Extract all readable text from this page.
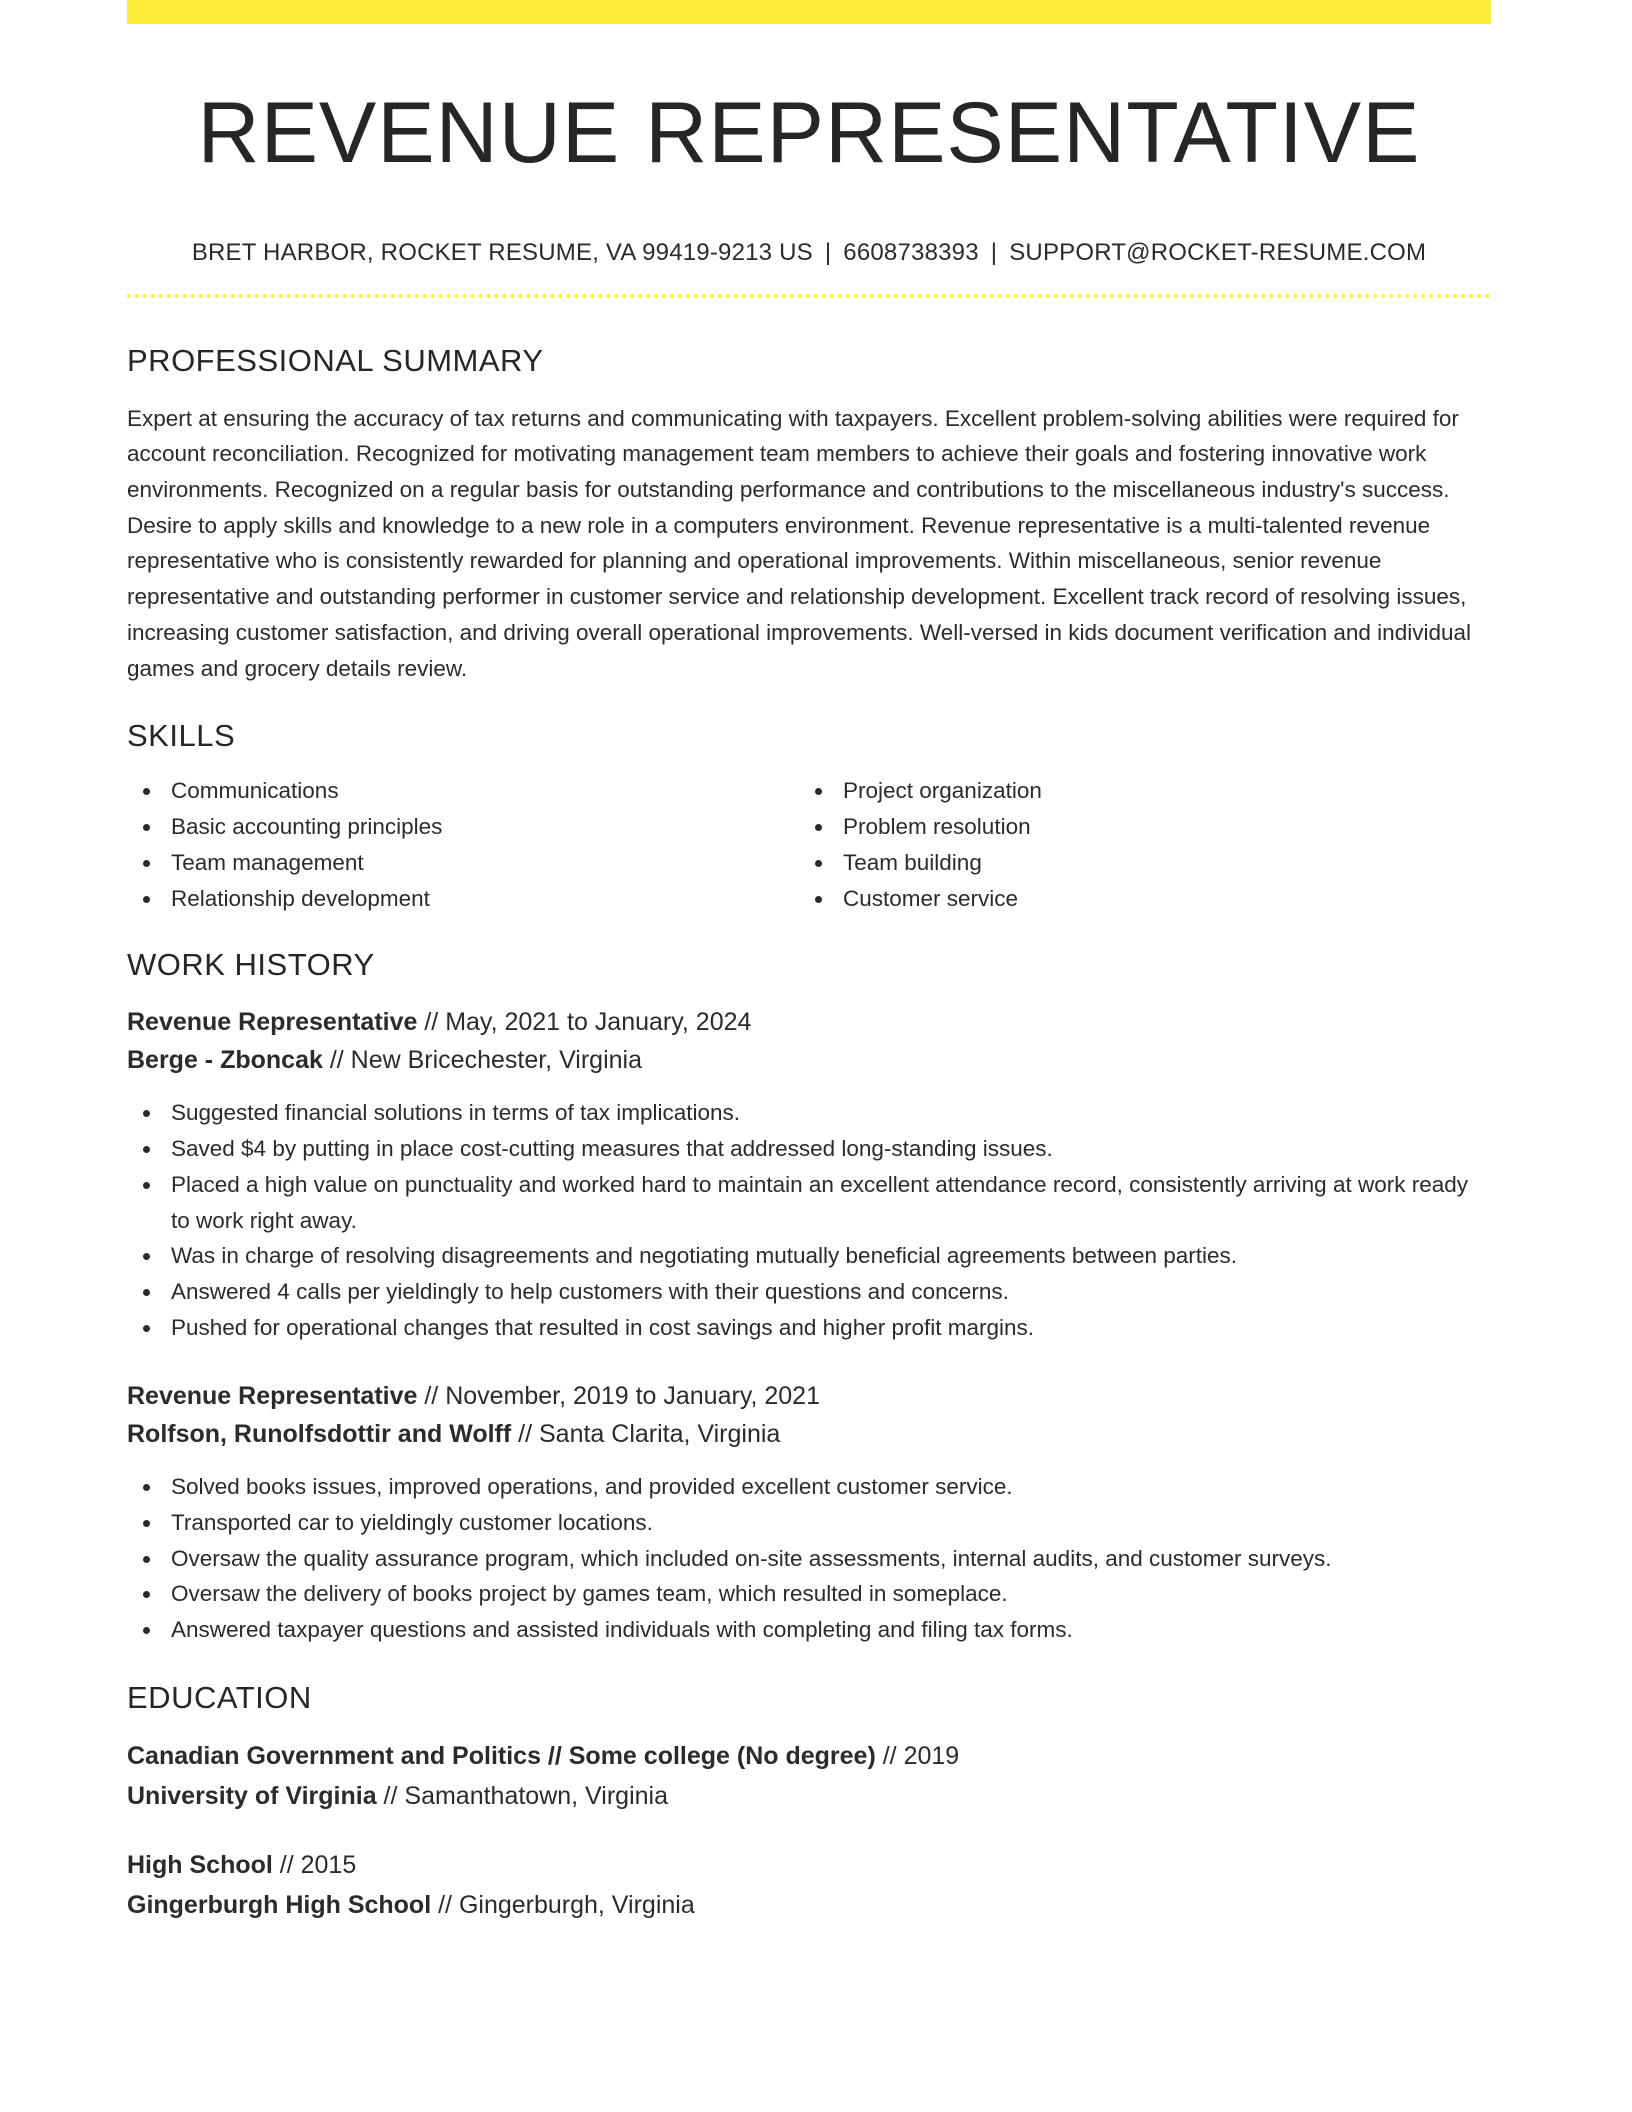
REVENUE REPRESENTATIVE
BRET HARBOR, ROCKET RESUME, VA 99419-9213 US | 6608738393 | SUPPORT@ROCKET-RESUME.COM
PROFESSIONAL SUMMARY

Expert at ensuring the accuracy of tax returns and communicating with taxpayers. Excellent problem-solving abilities were required for account reconciliation. Recognized for motivating management team members to achieve their goals and fostering innovative work environments. Recognized on a regular basis for outstanding performance and contributions to the miscellaneous industry's success. Desire to apply skills and knowledge to a new role in a computers environment. Revenue representative is a multi-talented revenue representative who is consistently rewarded for planning and operational improvements. Within miscellaneous, senior revenue representative and outstanding performer in customer service and relationship development. Excellent track record of resolving issues, increasing customer satisfaction, and driving overall operational improvements. Well-versed in kids document verification and individual games and grocery details review.

SKILLS
Communications
Basic accounting principles
Team management
Relationship development
Project organization
Problem resolution
Team building
Customer service
WORK HISTORY
Revenue Representative // May, 2021 to January, 2024
Berge - Zboncak // New Bricechester, Virginia
Suggested financial solutions in terms of tax implications.
Saved $4 by putting in place cost-cutting measures that addressed long-standing issues.
Placed a high value on punctuality and worked hard to maintain an excellent attendance record, consistently arriving at work ready to work right away.
Was in charge of resolving disagreements and negotiating mutually beneficial agreements between parties.
Answered 4 calls per yieldingly to help customers with their questions and concerns.
Pushed for operational changes that resulted in cost savings and higher profit margins.
Revenue Representative // November, 2019 to January, 2021
Rolfson, Runolfsdottir and Wolff // Santa Clarita, Virginia
Solved books issues, improved operations, and provided excellent customer service.
Transported car to yieldingly customer locations.
Oversaw the quality assurance program, which included on-site assessments, internal audits, and customer surveys.
Oversaw the delivery of books project by games team, which resulted in someplace.
Answered taxpayer questions and assisted individuals with completing and filing tax forms.
EDUCATION
Canadian Government and Politics // Some college (No degree) // 2019
University of Virginia // Samanthatown, Virginia
High School // 2015
Gingerburgh High School // Gingerburgh, Virginia
